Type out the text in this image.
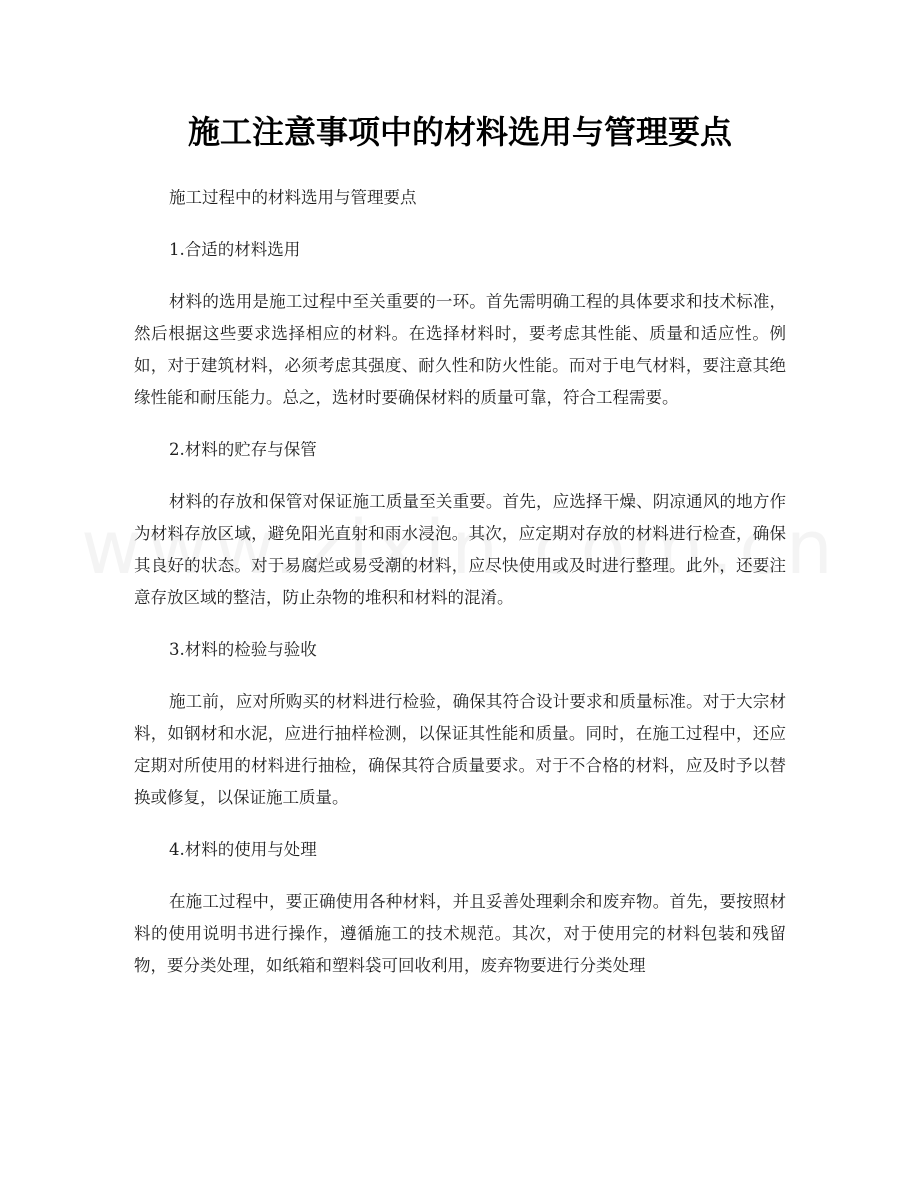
施工注意事项中的材料选用与管理要点

施工过程中的材料选用与管理要点

1.合适的材料选用

材料的选用是施工过程中至关重要的一环。首先需明确工程的具体要求和技术标准，然后根据这些要求选择相应的材料。在选择材料时，要考虑其性能、质量和适应性。例如，对于建筑材料，必须考虑其强度、耐久性和防火性能。而对于电气材料，要注意其绝缘性能和耐压能力。总之，选材时要确保材料的质量可靠，符合工程需要。

2.材料的贮存与保管

材料的存放和保管对保证施工质量至关重要。首先，应选择干燥、阴凉通风的地方作为材料存放区域，避免阳光直射和雨水浸泡。其次，应定期对存放的材料进行检查，确保其良好的状态。对于易腐烂或易受潮的材料，应尽快使用或及时进行整理。此外，还要注意存放区域的整洁，防止杂物的堆积和材料的混淆。

3.材料的检验与验收

施工前，应对所购买的材料进行检验，确保其符合设计要求和质量标准。对于大宗材料，如钢材和水泥，应进行抽样检测，以保证其性能和质量。同时，在施工过程中，还应定期对所使用的材料进行抽检，确保其符合质量要求。对于不合格的材料，应及时予以替换或修复，以保证施工质量。

4.材料的使用与处理

在施工过程中，要正确使用各种材料，并且妥善处理剩余和废弃物。首先，要按照材料的使用说明书进行操作，遵循施工的技术规范。其次，对于使用完的材料包装和残留物，要分类处理，如纸箱和塑料袋可回收利用，废弃物要进行分类处理
